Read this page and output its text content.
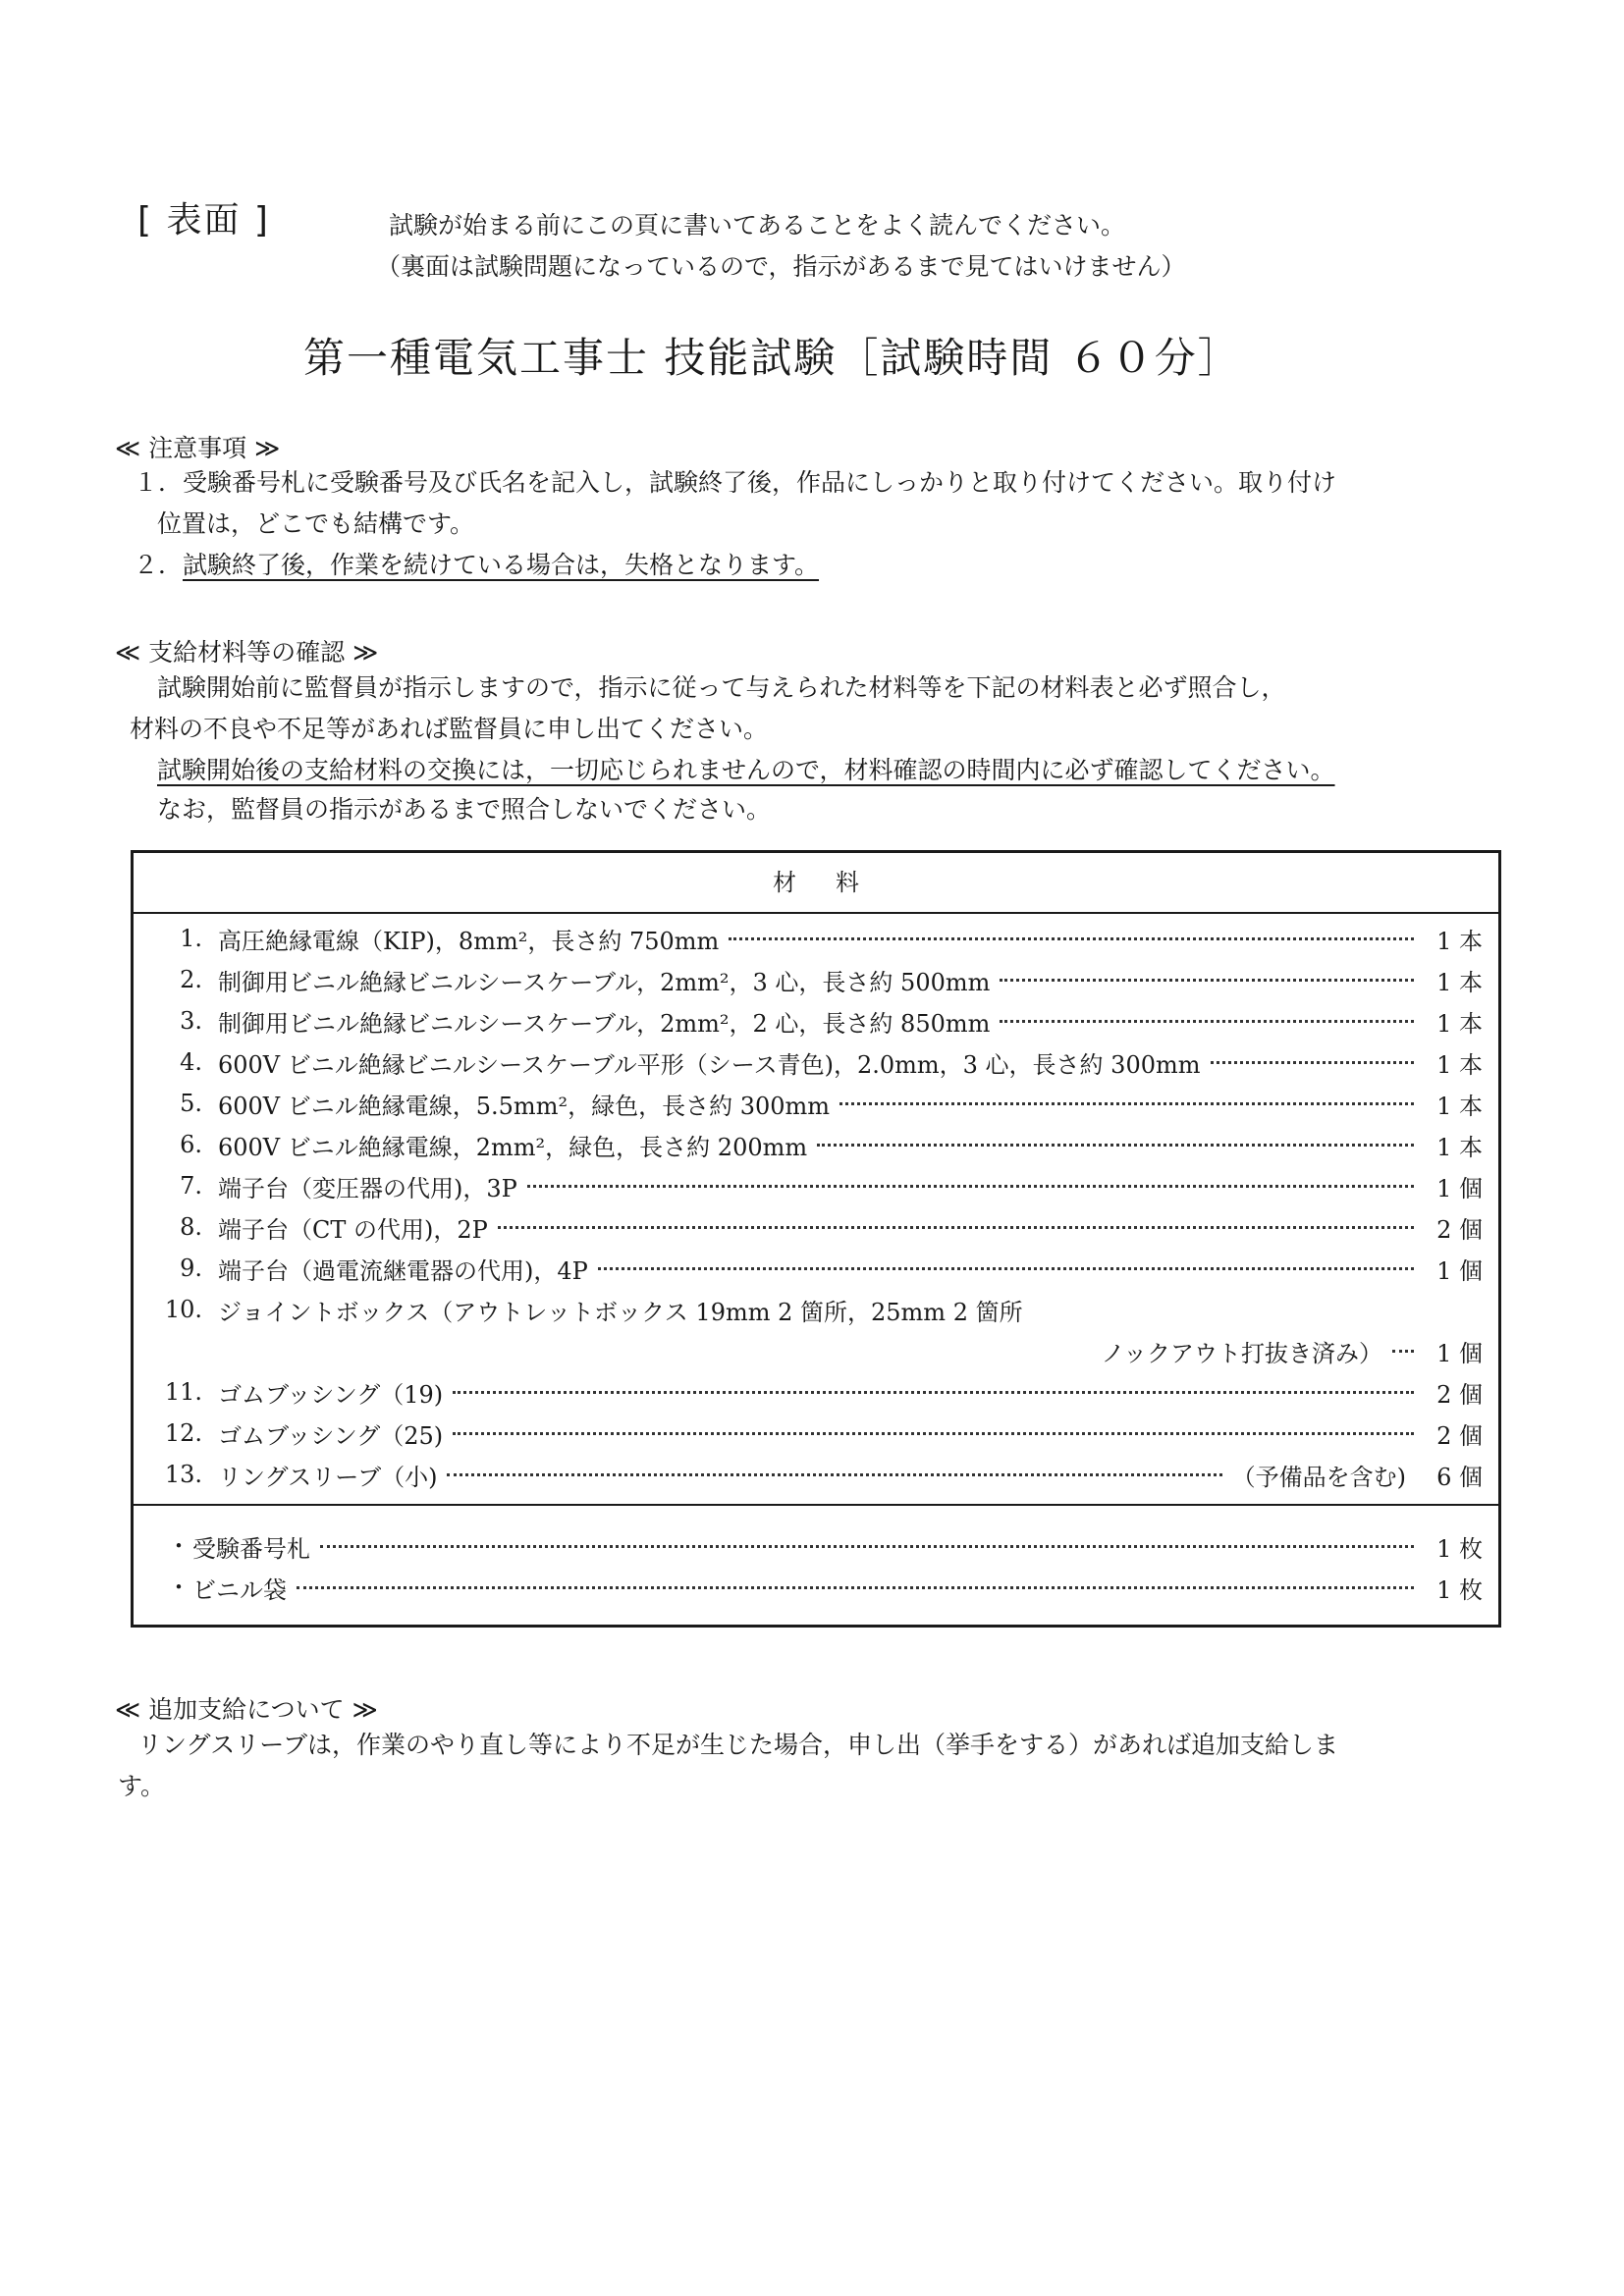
[ 表面 ]	試験が始まる前にこの頁に書いてあることをよく読んでください。
（裏面は試験問題になっているので，指示があるまで見てはいけません）
第一種電気工事士 技能試験［試験時間 ６０分］
≪ 注意事項 ≫
１．受験番号札に受験番号及び氏名を記入し，試験終了後，作品にしっかりと取り付けてください。取り付け
位置は，どこでも結構です。
２．試験終了後，作業を続けている場合は，失格となります。
≪ 支給材料等の確認 ≫
試験開始前に監督員が指示しますので，指示に従って与えられた材料等を下記の材料表と必ず照合し，
材料の不良や不足等があれば監督員に申し出てください。
試験開始後の支給材料の交換には，一切応じられませんので，材料確認の時間内に必ず確認してください。
なお，監督員の指示があるまで照合しないでください。
材料
1. 高圧絶縁電線（KIP)，8mm²，長さ約 750mm	1 本
2. 制御用ビニル絶縁ビニルシースケーブル，2mm²，3 心，長さ約 500mm	1 本
3. 制御用ビニル絶縁ビニルシースケーブル，2mm²，2 心，長さ約 850mm	1 本
4. 600V ビニル絶縁ビニルシースケーブル平形（シース青色)，2.0mm，3 心，長さ約 300mm	1 本
5. 600V ビニル絶縁電線，5.5mm²，緑色，長さ約 300mm	1 本
6. 600V ビニル絶縁電線，2mm²，緑色，長さ約 200mm	1 本
7. 端子台（変圧器の代用)，3P	1 個
8. 端子台（CT の代用)，2P	2 個
9. 端子台（過電流継電器の代用)，4P	1 個
10. ジョイントボックス（アウトレットボックス 19mm 2 箇所，25mm 2 箇所
ノックアウト打抜き済み）	1 個
11. ゴムブッシング（19)	2 個
12. ゴムブッシング（25)	2 個
13. リングスリーブ（小)	（予備品を含む)	6 個
・ 受験番号札	1 枚
・ ビニル袋	1 枚
≪ 追加支給について ≫
リングスリーブは，作業のやり直し等により不足が生じた場合，申し出（挙手をする）があれば追加支給しま
す。
